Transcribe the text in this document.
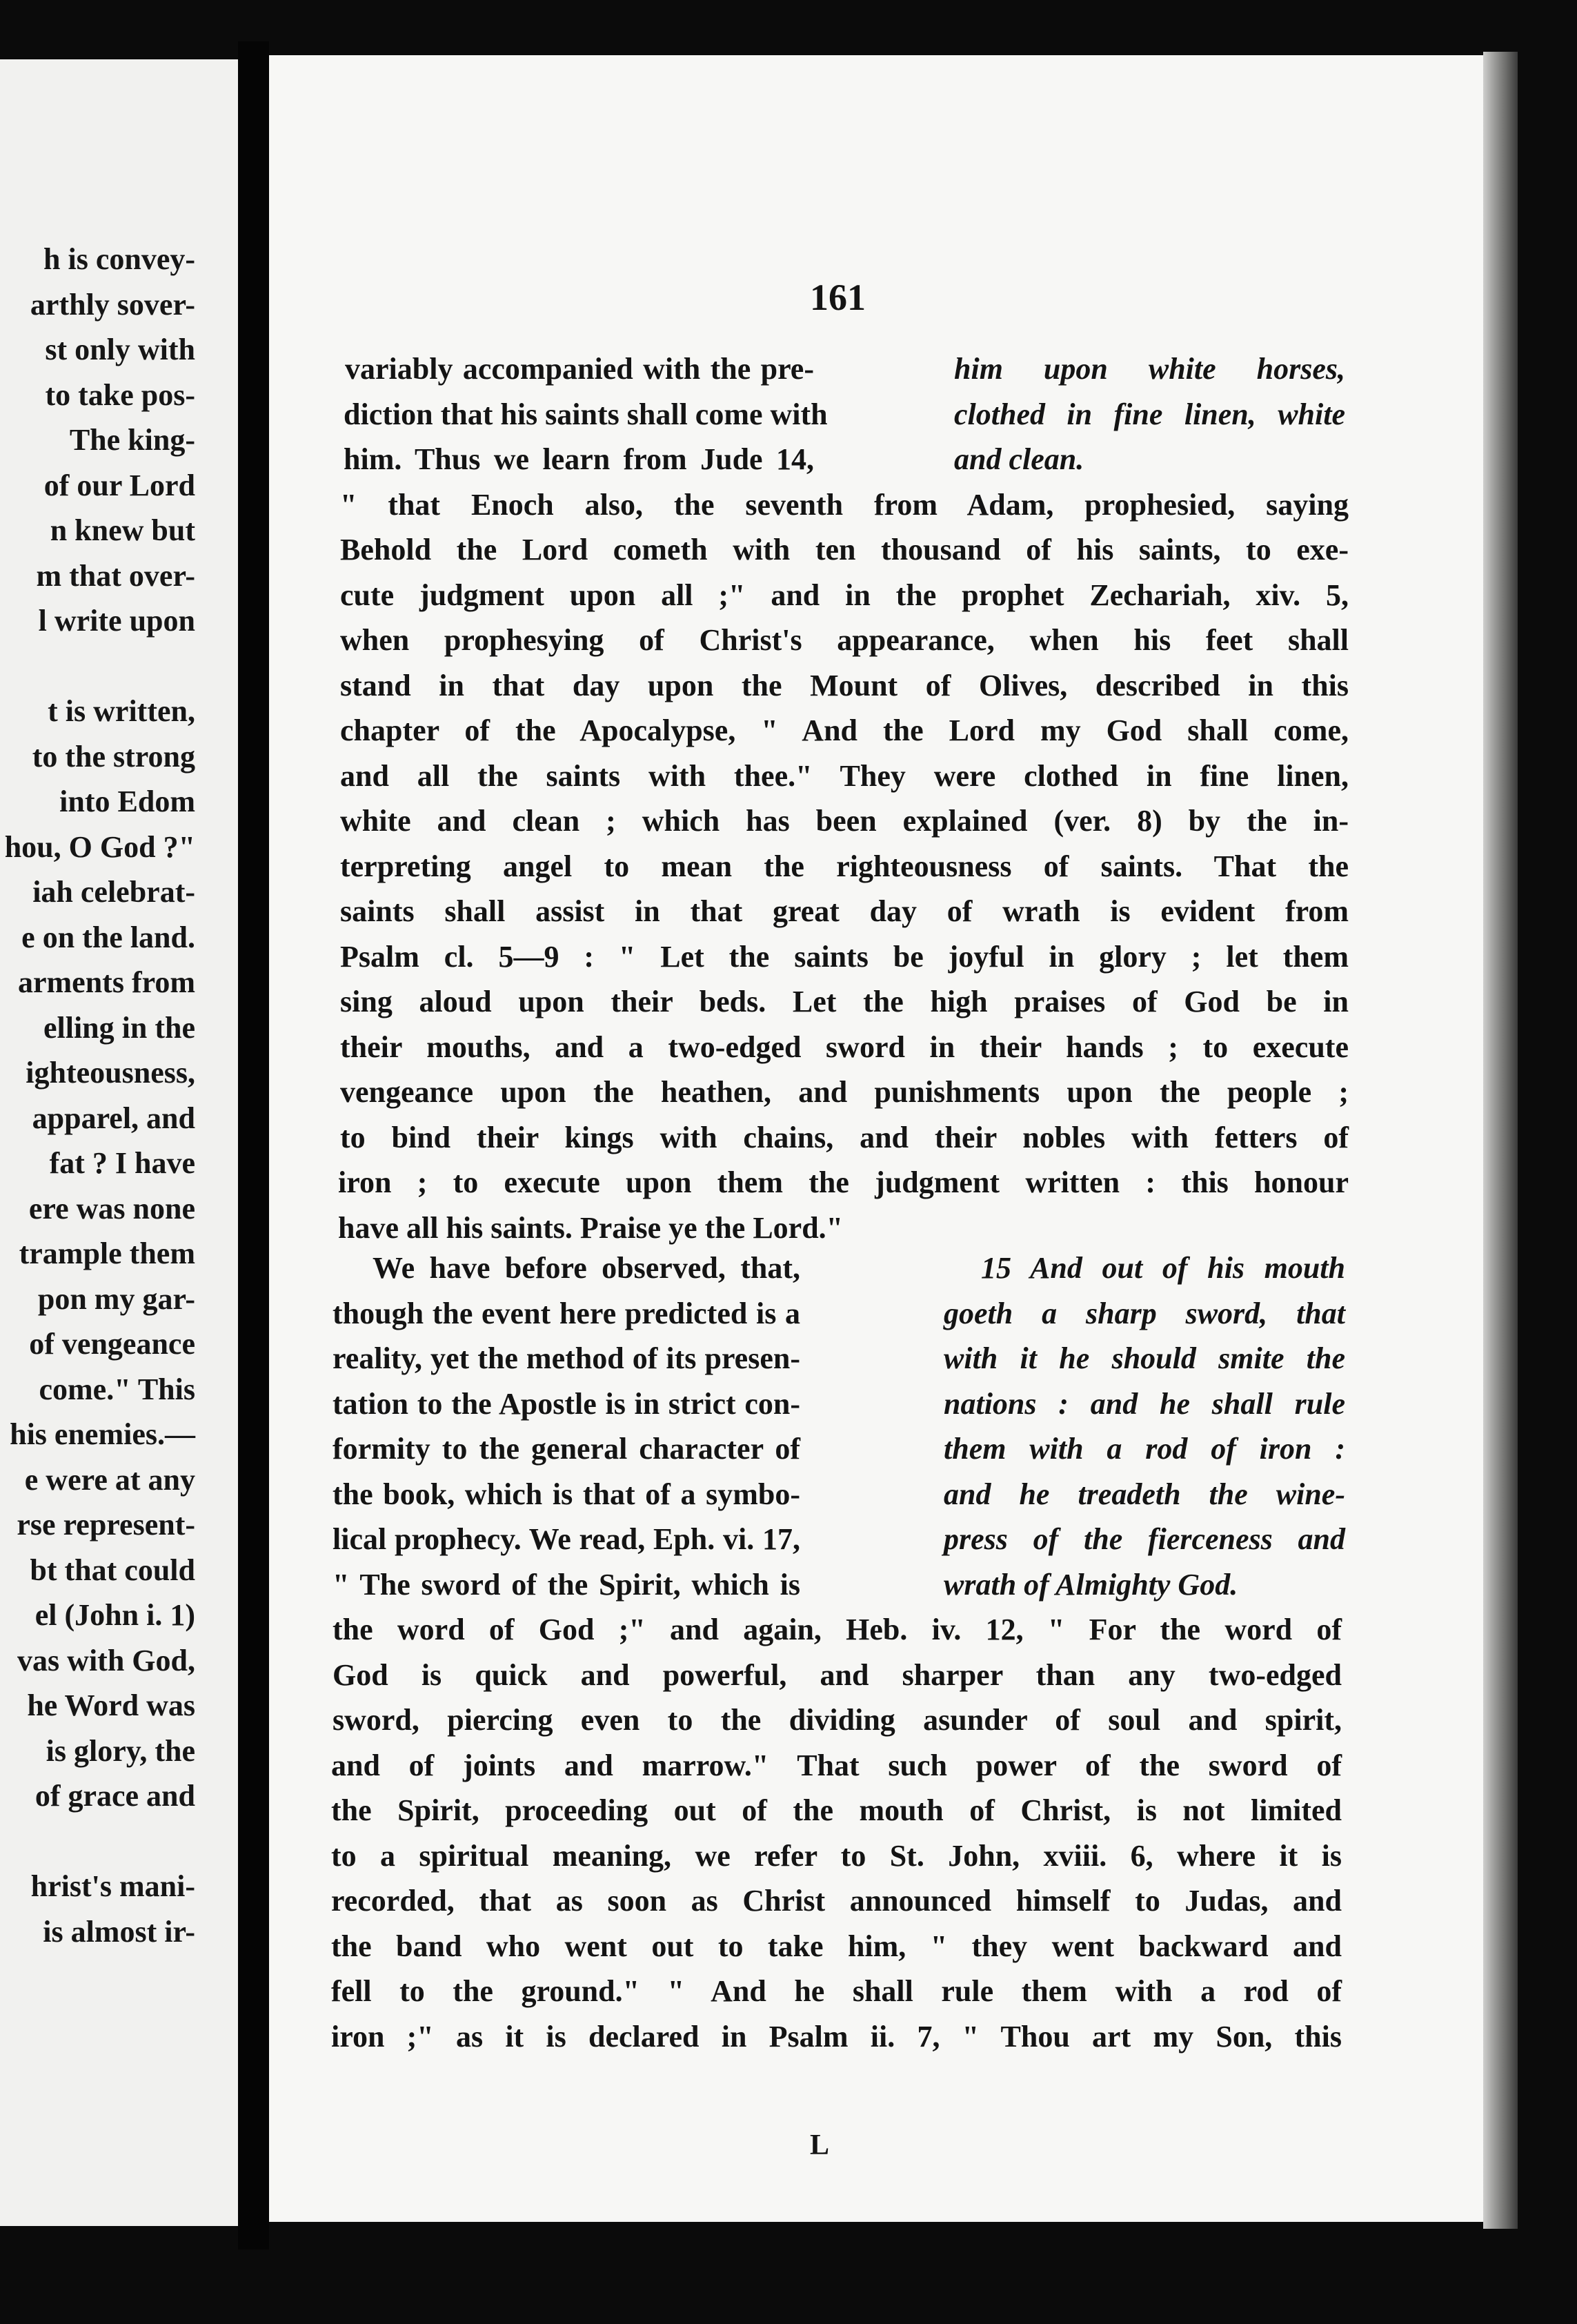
h is convey-
arthly sover-
st only with
to take pos-
The king-
of our Lord
n knew but
m that over-
l write upon
t is written,
to the strong
into Edom
hou, O God ?"
iah celebrat-
e on the land.
arments from
elling in the
ighteousness,
apparel, and
fat ? I have
ere was none
trample them
pon my gar-
of vengeance
come." This
his enemies.—
e were at any
rse represent-
bt that could
el (John i. 1)
vas with God,
he Word was
is glory, the
of grace and
hrist's mani-
is almost ir-
161
variably accompanied with the pre-
diction that his saints shall come with
him. Thus we learn from Jude 14,
" that Enoch also, the seventh from Adam, prophesied, saying
Behold the Lord cometh with ten thousand of his saints, to exe-
cute judgment upon all ;" and in the prophet Zechariah, xiv. 5,
when prophesying of Christ's appearance, when his feet shall
stand in that day upon the Mount of Olives, described in this
chapter of the Apocalypse, " And the Lord my God shall come,
and all the saints with thee." They were clothed in fine linen,
white and clean ; which has been explained (ver. 8) by the in-
terpreting angel to mean the righteousness of saints. That the
saints shall assist in that great day of wrath is evident from
Psalm cl. 5—9 : " Let the saints be joyful in glory ; let them
sing aloud upon their beds. Let the high praises of God be in
their mouths, and a two-edged sword in their hands ; to execute
vengeance upon the heathen, and punishments upon the people ;
to bind their kings with chains, and their nobles with fetters of
iron ; to execute upon them the judgment written : this honour
have all his saints. Praise ye the Lord."
We have before observed, that,
though the event here predicted is a
reality, yet the method of its presen-
tation to the Apostle is in strict con-
formity to the general character of
the book, which is that of a symbo-
lical prophecy. We read, Eph. vi. 17,
" The sword of the Spirit, which is
the word of God ;" and again, Heb. iv. 12, " For the word of
God is quick and powerful, and sharper than any two-edged
sword, piercing even to the dividing asunder of soul and spirit,
and of joints and marrow." That such power of the sword of
the Spirit, proceeding out of the mouth of Christ, is not limited
to a spiritual meaning, we refer to St. John, xviii. 6, where it is
recorded, that as soon as Christ announced himself to Judas, and
the band who went out to take him, " they went backward and
fell to the ground." " And he shall rule them with a rod of
iron ;" as it is declared in Psalm ii. 7, " Thou art my Son, this
him upon white horses,
clothed in fine linen, white
and clean.
15 And out of his mouth
goeth a sharp sword, that
with it he should smite the
nations : and he shall rule
them with a rod of iron :
and he treadeth the wine-
press of the fierceness and
wrath of Almighty God.
L
